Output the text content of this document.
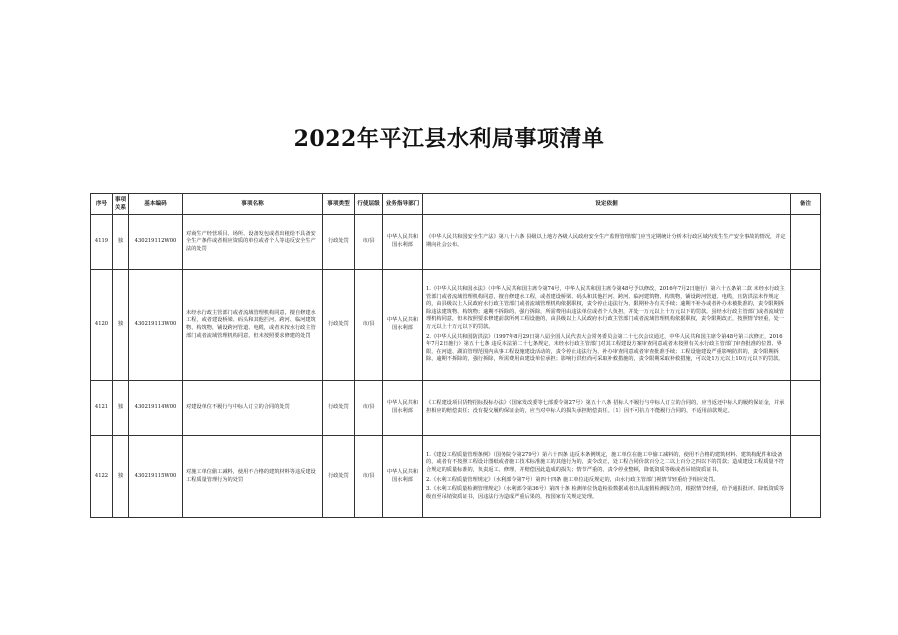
2022年平江县水利局事项清单
序号	事项关系	基本编码	事项名称	事项类型	行使层级	业务指导部门	设定依据	备注
4119	独	430219112W00	对商生产经营项目、场所、设备发包或者出租给不具备安全生产条件或者相应资质的单位或者个人等违反安全生产法的处罚	行政处罚	市/县	中华人民共和国水利部	《中华人民共和国安全生产法》第八十六条 县级以上地方各级人民政府安全生产监督管理部门应当定期统计分析本行政区域内发生生产安全事故的情况，并定期向社会公布。	

4120	独	430219113W00	未经水行政主管部门或者流域管理机构同意，擅自修建水工程，或者建设桥梁、码头和其他拦河、跨河、临河建筑物、构筑物，铺设跨河管道、电缆，或者未按水行政主管部门或者流域管理机构同意，但未按照要求修建的处罚	行政处罚	市/县	中华人民共和国水利部	1.《中华人民共和国水法》（中华人民共和国主席令第74号，中华人民共和国主席令第48号予以修改，2016年7月2日施行）第六十五条第二款 未经水行政主管部门或者流域管理机构同意，擅自修建水工程，或者建设桥梁、码头和其他拦河、跨河、临河建筑物、构筑物，铺设跨河管道、电缆，且防洪法未作规定的，由县级以上人民政府水行政主管部门或者流域管理机构依据职权，责令停止违法行为，限期补办有关手续；逾期不补办或者补办未被批准的，责令限期拆除违法建筑物、构筑物；逾期不拆除的，强行拆除，所需费用由违法单位或者个人负担，并处一万元以上十万元以下的罚款。虽经水行政主管部门或者流域管理机构同意，但未按照要求修建前款所列工程设施的，由县级以上人民政府水行政主管部门或者流域管理机构依据职权，责令限期改正，按照情节轻重，处一万元以上十万元以下的罚款。
2.《中华人民共和国防洪法》（1997年8月29日第八届全国人民代表大会常务委员会第二十七次会议通过，中华人民共和国主席令第48号第三次修正，2016年7月2日施行）第五十七条 违反本法第二十七条规定，未经水行政主管部门对其工程建设方案审查同意或者未按照有关水行政主管部门审查批准的位置、界限，在河道、湖泊管理范围内从事工程设施建设活动的，责令停止违法行为，补办审查同意或者审查批准手续；工程设施建设严重影响防洪的，责令限期拆除，逾期不拆除的，强行拆除，所需费用由建设单位承担；影响行洪但尚可采取补救措施的，责令限期采取补救措施，可以处1万元以上10万元以下的罚款。	

4121	独	430219114W00	对建设单位不履行与中标人订立的合同的处罚	行政处罚	市/县	中华人民共和国水利部	《工程建设项目货物招标投标办法》（国家发改委等七部委令第27号）第五十八条 招标人不履行与中标人订立的合同的，应当返还中标人的履约保证金，并承担相应的赔偿责任；没有提交履约保证金的，应当对中标人的损失承担赔偿责任。〔1〕因不可抗力不能履行合同的，不适用前款规定。	

4122	独	430219115W00	对施工单位偷工减料，使用不合格的建筑材料等违反建设工程质量管理行为的处罚	行政处罚	市/县	中华人民共和国水利部	1.《建设工程质量管理条例》（国务院令第279号）第六十四条 违反本条例规定，施工单位在施工中偷工减料的，使用不合格的建筑材料、建筑构配件和设备的，或者有不按照工程设计图纸或者施工技术标准施工的其他行为的，责令改正，处工程合同价款百分之二以上百分之四以下的罚款；造成建设工程质量不符合规定的质量标准的，负责返工、修理，并赔偿因此造成的损失；情节严重的，责令停业整顿，降低资质等级或者吊销资质证书。
2.《水利工程质量管理规定》（水利部令第7号）第四十四条 施工单位违反规定的，由水行政主管部门视情节轻重给予相应处罚。
3.《水利工程质量检测管理规定》（水利部令第36号）第四十条 检测单位伪造检验数据或者出具虚假检测报告的，根据情节轻重，给予通报批评、降低资质等级直至吊销资质证书，因违法行为造成严重后果的，按国家有关规定处理。	
